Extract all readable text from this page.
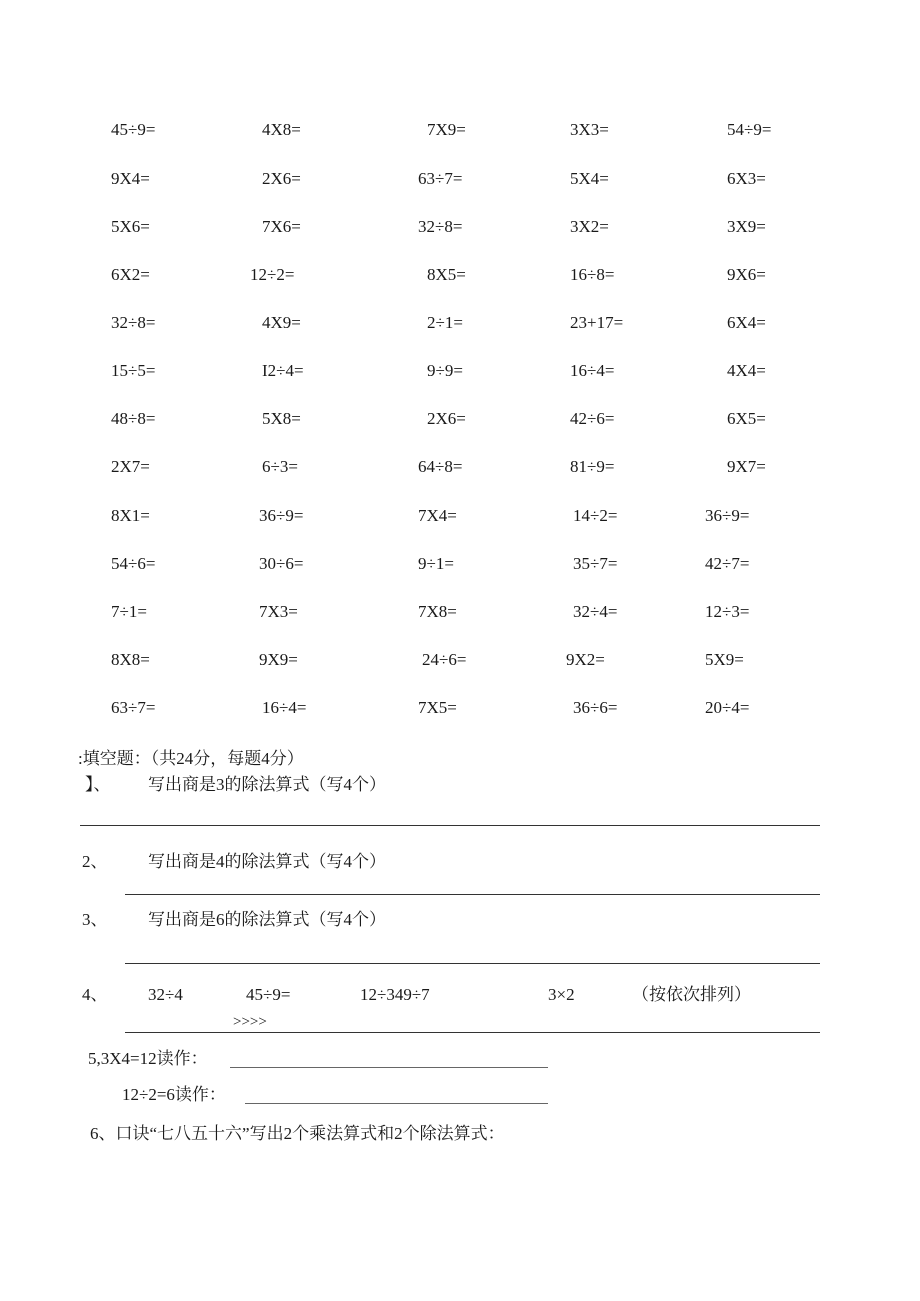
45÷9=	4X8=	7X9=	3X3=	54÷9=
9X4=	2X6=	63÷7=	5X4=	6X3=
5X6=	7X6=	32÷8=	3X2=	3X9=
6X2=	12÷2=	8X5=	16÷8=	9X6=
32÷8=	4X9=	2÷1=	23+17=	6X4=
15÷5=	I2÷4=	9÷9=	16÷4=	4X4=
48÷8=	5X8=	2X6=	42÷6=	6X5=
2X7=	6÷3=	64÷8=	81÷9=	9X7=
8X1=	36÷9=	7X4=	14÷2=	36÷9=
54÷6=	30÷6=	9÷1=	35÷7=	42÷7=
7÷1=	7X3=	7X8=	32÷4=	12÷3=
8X8=	9X9=	24÷6=	9X2=	5X9=
63÷7=	16÷4=	7X5=	36÷6=	20÷4=
:填空题：（共24分，每题4分）
】、 写出商是3的除法算式（写4个）
2、 写出商是4的除法算式（写4个）
3、 写出商是6的除法算式（写4个）
4、 32÷4	45÷9=	12÷349÷7	3×2	（按依次排列）
>>>>
5,3X4=12读作：
12÷2=6读作：
6、口诀“七八五十六”写出2个乘法算式和2个除法算式：
